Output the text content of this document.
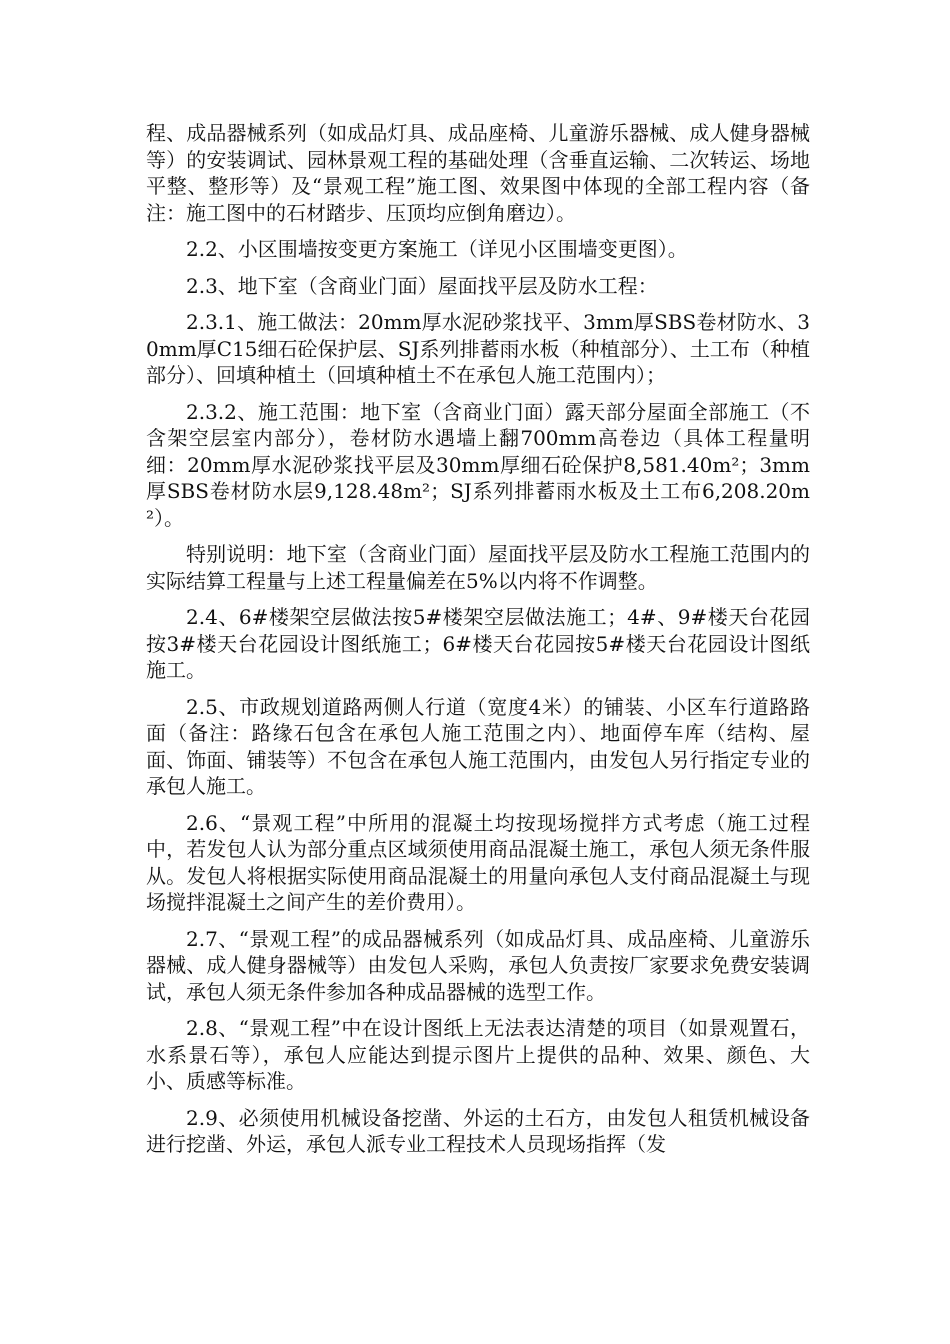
程、成品器械系列（如成品灯具、成品座椅、儿童游乐器械、成人健身器械等）的安装调试、园林景观工程的基础处理（含垂直运输、二次转运、场地平整、整形等）及“景观工程”施工图、效果图中体现的全部工程内容（备注：施工图中的石材踏步、压顶均应倒角磨边）。

2.2、小区围墙按变更方案施工（详见小区围墙变更图）。

2.3、地下室（含商业门面）屋面找平层及防水工程：

2.3.1、施工做法：20mm厚水泥砂浆找平、3mm厚SBS卷材防水、30mm厚C15细石砼保护层、SJ系列排蓄雨水板（种植部分）、土工布（种植部分）、回填种植土（回填种植土不在承包人施工范围内）；

2.3.2、施工范围：地下室（含商业门面）露天部分屋面全部施工（不含架空层室内部分），卷材防水遇墙上翻700mm高卷边（具体工程量明细：20mm厚水泥砂浆找平层及30mm厚细石砼保护8,581.40m²；3mm厚SBS卷材防水层9,128.48m²；SJ系列排蓄雨水板及土工布6,208.20m²）。

特别说明：地下室（含商业门面）屋面找平层及防水工程施工范围内的实际结算工程量与上述工程量偏差在5%以内将不作调整。

2.4、6#楼架空层做法按5#楼架空层做法施工；4#、9#楼天台花园按3#楼天台花园设计图纸施工；6#楼天台花园按5#楼天台花园设计图纸施工。

2.5、市政规划道路两侧人行道（宽度4米）的铺装、小区车行道路路面（备注：路缘石包含在承包人施工范围之内）、地面停车库（结构、屋面、饰面、铺装等）不包含在承包人施工范围内，由发包人另行指定专业的承包人施工。

2.6、“景观工程”中所用的混凝土均按现场搅拌方式考虑（施工过程中，若发包人认为部分重点区域须使用商品混凝土施工，承包人须无条件服从。发包人将根据实际使用商品混凝土的用量向承包人支付商品混凝土与现场搅拌混凝土之间产生的差价费用）。

2.7、“景观工程”的成品器械系列（如成品灯具、成品座椅、儿童游乐器械、成人健身器械等）由发包人采购，承包人负责按厂家要求免费安装调试，承包人须无条件参加各种成品器械的选型工作。

2.8、“景观工程”中在设计图纸上无法表达清楚的项目（如景观置石，水系景石等），承包人应能达到提示图片上提供的品种、效果、颜色、大小、质感等标准。

2.9、必须使用机械设备挖凿、外运的土石方，由发包人租赁机械设备进行挖凿、外运，承包人派专业工程技术人员现场指挥（发
